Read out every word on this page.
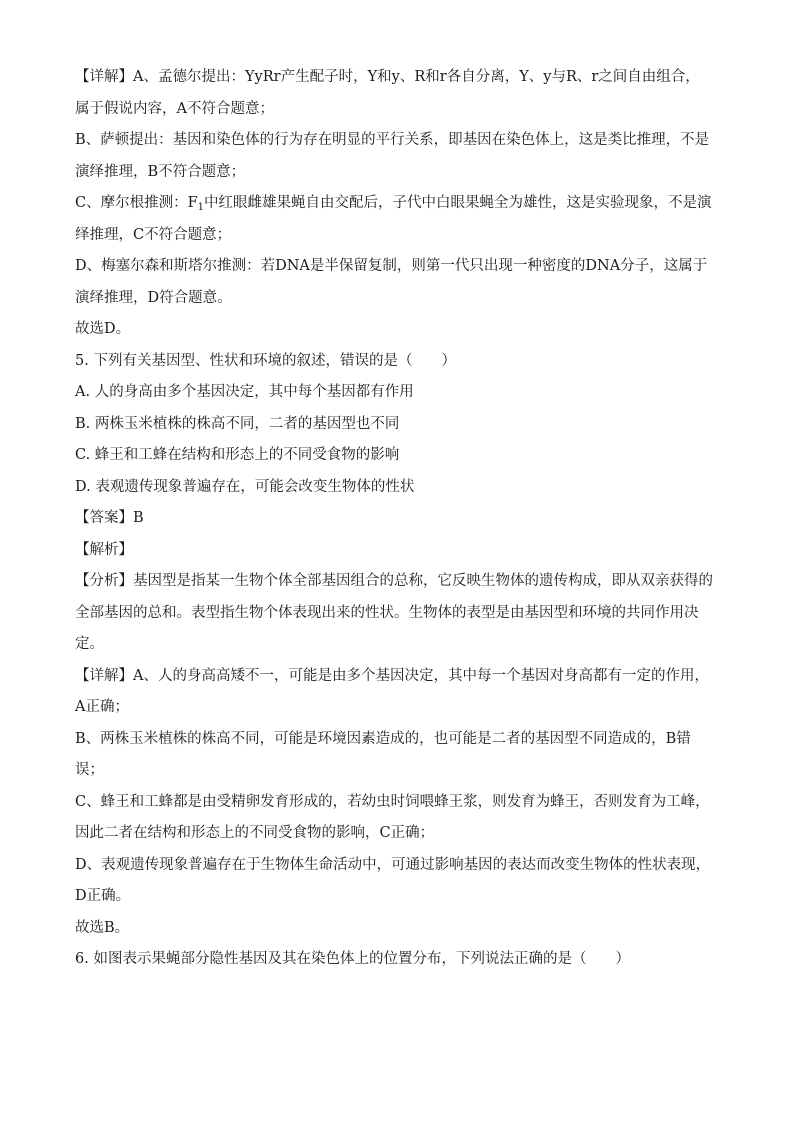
【详解】A、孟德尔提出：YyRr产生配子时，Y和y、R和r各自分离，Y、y与R、r之间自由组合，属于假说内容，A不符合题意；

B、萨顿提出：基因和染色体的行为存在明显的平行关系，即基因在染色体上，这是类比推理，不是演绎推理，B不符合题意；

C、摩尔根推测：$F_1$中红眼雌雄果蝇自由交配后，子代中白眼果蝇全为雄性，这是实验现象，不是演绎推理，C不符合题意；

D、梅塞尔森和斯塔尔推测：若DNA是半保留复制，则第一代只出现一种密度的DNA分子，这属于演绎推理，D符合题意。

故选D。

5. 下列有关基因型、性状和环境的叙述，错误的是（　　）

A. 人的身高由多个基因决定，其中每个基因都有作用

B. 两株玉米植株的株高不同，二者的基因型也不同

C. 蜂王和工蜂在结构和形态上的不同受食物的影响

D. 表观遗传现象普遍存在，可能会改变生物体的性状

【答案】B

【解析】

【分析】基因型是指某一生物个体全部基因组合的总称，它反映生物体的遗传构成，即从双亲获得的全部基因的总和。表型指生物个体表现出来的性状。生物体的表型是由基因型和环境的共同作用决定。

【详解】A、人的身高高矮不一，可能是由多个基因决定，其中每一个基因对身高都有一定的作用，A正确；

B、两株玉米植株的株高不同，可能是环境因素造成的，也可能是二者的基因型不同造成的，B错误；

C、蜂王和工蜂都是由受精卵发育形成的，若幼虫时饲喂蜂王浆，则发育为蜂王，否则发育为工峰，因此二者在结构和形态上的不同受食物的影响，C正确；

D、表观遗传现象普遍存在于生物体生命活动中，可通过影响基因的表达而改变生物体的性状表现，D正确。

故选B。

6. 如图表示果蝇部分隐性基因及其在染色体上的位置分布，下列说法正确的是（　　）
